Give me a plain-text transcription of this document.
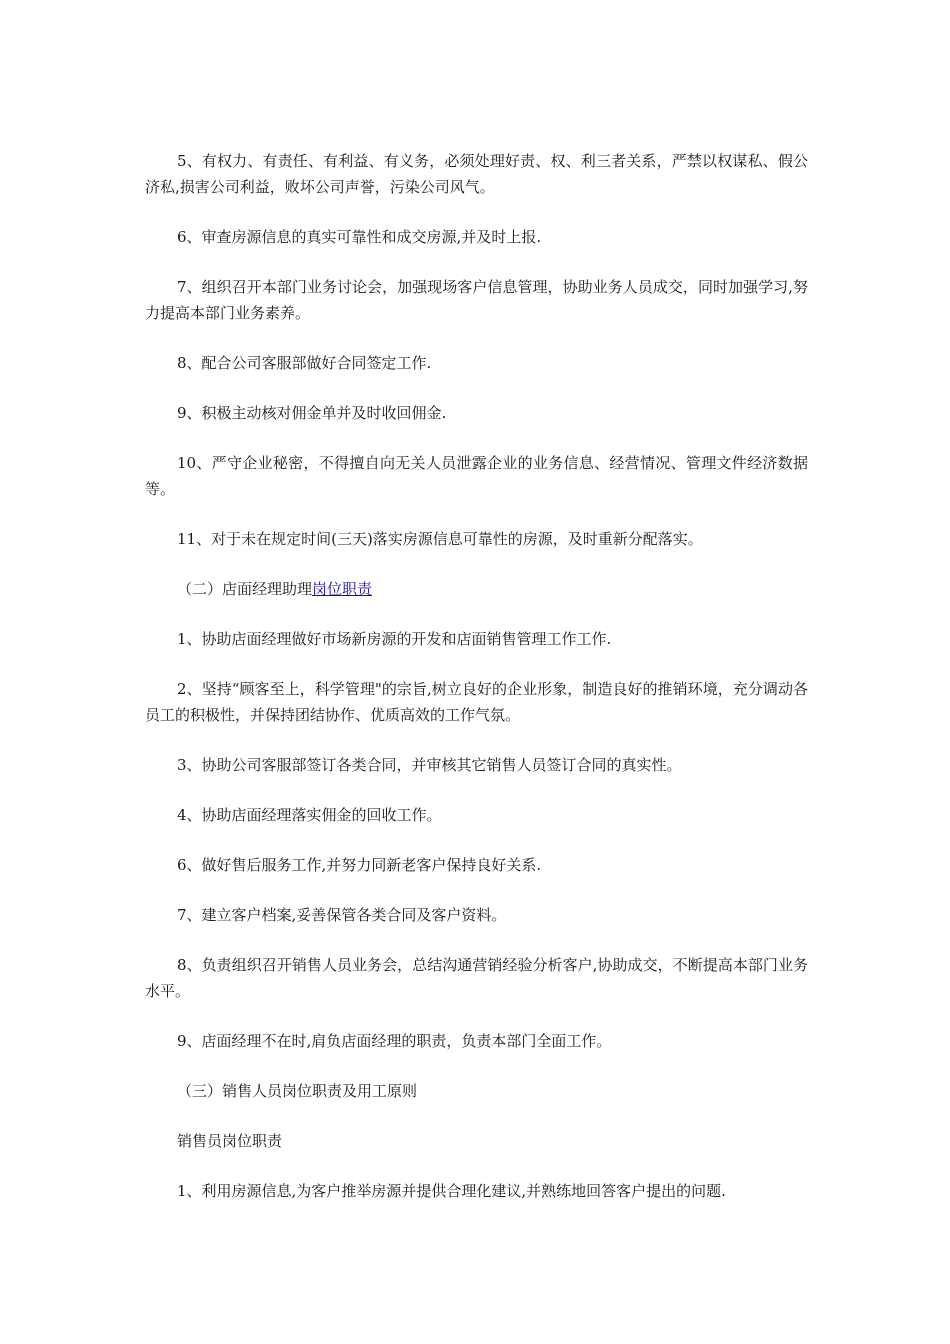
5、有权力、有责任、有利益、有义务，必须处理好责、权、利三者关系，严禁以权谋私、假公济私,损害公司利益，败坏公司声誉，污染公司风气。

6、审查房源信息的真实可靠性和成交房源,并及时上报.

7、组织召开本部门业务讨论会，加强现场客户信息管理，协助业务人员成交，同时加强学习,努力提高本部门业务素养。

8、配合公司客服部做好合同签定工作.

9、积极主动核对佣金单并及时收回佣金.

10、严守企业秘密，不得擅自向无关人员泄露企业的业务信息、经营情况、管理文件经济数据等。

11、对于未在规定时间(三天)落实房源信息可靠性的房源，及时重新分配落实。

（二）店面经理助理岗位职责

1、协助店面经理做好市场新房源的开发和店面销售管理工作工作.

2、坚持“顾客至上，科学管理"的宗旨,树立良好的企业形象，制造良好的推销环境，充分调动各员工的积极性，并保持团结协作、优质高效的工作气氛。

3、协助公司客服部签订各类合同，并审核其它销售人员签订合同的真实性。

4、协助店面经理落实佣金的回收工作。

6、做好售后服务工作,并努力同新老客户保持良好关系.

7、建立客户档案,妥善保管各类合同及客户资料。

8、负责组织召开销售人员业务会，总结沟通营销经验分析客户,协助成交，不断提高本部门业务水平。

9、店面经理不在时,肩负店面经理的职责，负责本部门全面工作。

（三）销售人员岗位职责及用工原则

销售员岗位职责

1、利用房源信息,为客户推举房源并提供合理化建议,并熟练地回答客户提出的问题.
